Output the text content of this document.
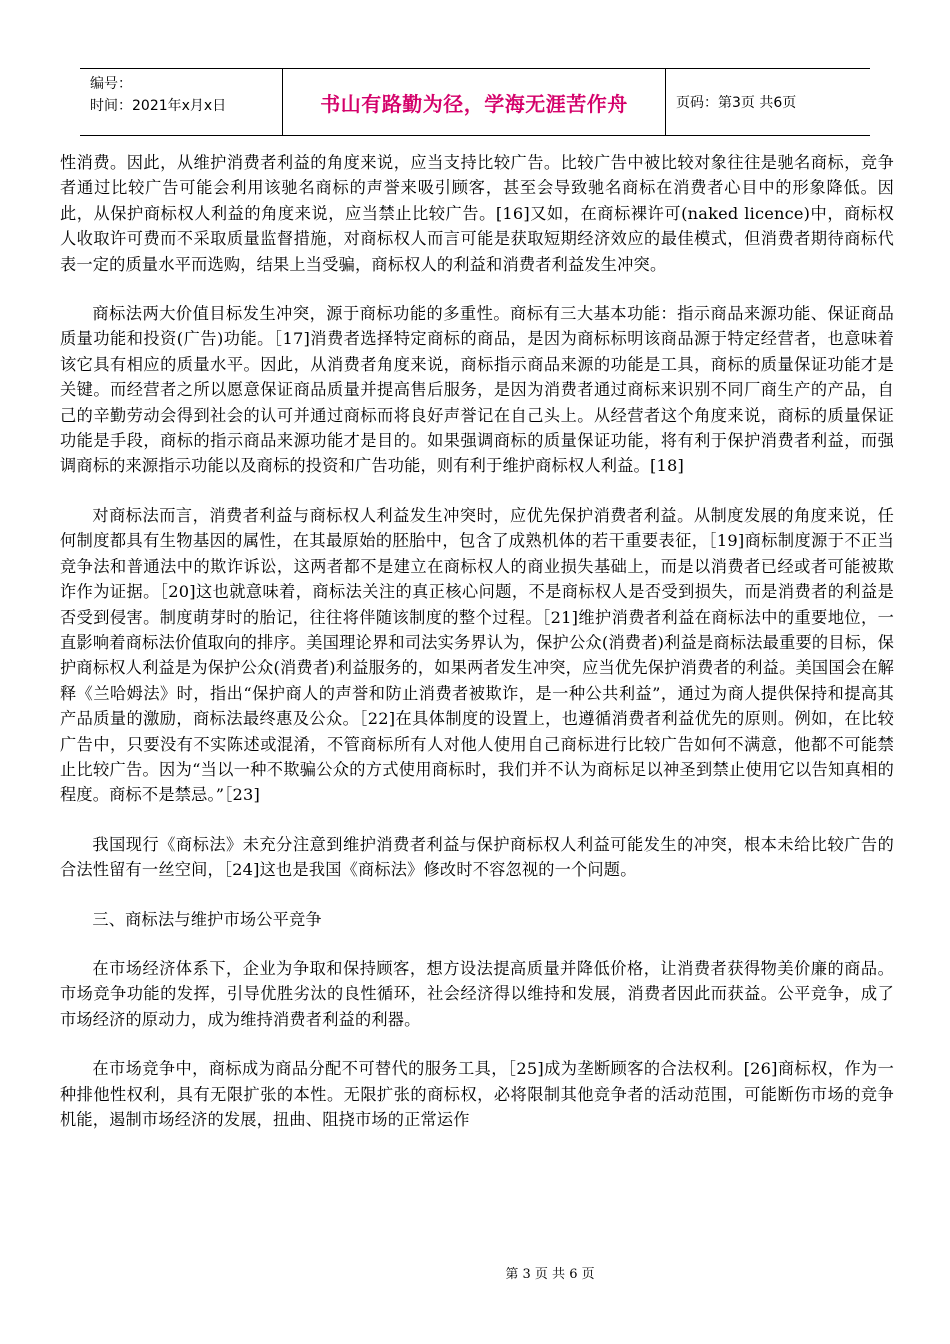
编号：
时间：2021年x月x日	书山有路勤为径，学海无涯苦作舟	页码：第3页 共6页

性消费。因此，从维护消费者利益的角度来说，应当支持比较广告。比较广告中被比较对象往往是驰名商标，竞争者通过比较广告可能会利用该驰名商标的声誉来吸引顾客，甚至会导致驰名商标在消费者心目中的形象降低。因此，从保护商标权人利益的角度来说，应当禁止比较广告。[16]又如，在商标裸许可(naked licence)中，商标权人收取许可费而不采取质量监督措施，对商标权人而言可能是获取短期经济效应的最佳模式，但消费者期待商标代表一定的质量水平而选购，结果上当受骗，商标权人的利益和消费者利益发生冲突。

商标法两大价值目标发生冲突，源于商标功能的多重性。商标有三大基本功能：指示商品来源功能、保证商品质量功能和投资(广告)功能。［17]消费者选择特定商标的商品，是因为商标标明该商品源于特定经营者，也意味着该它具有相应的质量水平。因此，从消费者角度来说，商标指示商品来源的功能是工具，商标的质量保证功能才是关键。而经营者之所以愿意保证商品质量并提高售后服务，是因为消费者通过商标来识别不同厂商生产的产品，自己的辛勤劳动会得到社会的认可并通过商标而将良好声誉记在自己头上。从经营者这个角度来说，商标的质量保证功能是手段，商标的指示商品来源功能才是目的。如果强调商标的质量保证功能，将有利于保护消费者利益，而强调商标的来源指示功能以及商标的投资和广告功能，则有利于维护商标权人利益。[18]

对商标法而言，消费者利益与商标权人利益发生冲突时，应优先保护消费者利益。从制度发展的角度来说，任何制度都具有生物基因的属性，在其最原始的胚胎中，包含了成熟机体的若干重要表征，［19]商标制度源于不正当竞争法和普通法中的欺诈诉讼，这两者都不是建立在商标权人的商业损失基础上，而是以消费者已经或者可能被欺诈作为证据。［20]这也就意味着，商标法关注的真正核心问题，不是商标权人是否受到损失，而是消费者的利益是否受到侵害。制度萌芽时的胎记，往往将伴随该制度的整个过程。［21]维护消费者利益在商标法中的重要地位，一直影响着商标法价值取向的排序。美国理论界和司法实务界认为，保护公众(消费者)利益是商标法最重要的目标，保护商标权人利益是为保护公众(消费者)利益服务的，如果两者发生冲突，应当优先保护消费者的利益。美国国会在解释《兰哈姆法》时，指出“保护商人的声誉和防止消费者被欺诈，是一种公共利益”，通过为商人提供保持和提高其产品质量的激励，商标法最终惠及公众。［22]在具体制度的设置上，也遵循消费者利益优先的原则。例如，在比较广告中，只要没有不实陈述或混淆，不管商标所有人对他人使用自己商标进行比较广告如何不满意，他都不可能禁止比较广告。因为“当以一种不欺骗公众的方式使用商标时，我们并不认为商标足以神圣到禁止使用它以告知真相的程度。商标不是禁忌。”［23]

我国现行《商标法》未充分注意到维护消费者利益与保护商标权人利益可能发生的冲突，根本未给比较广告的合法性留有一丝空间，［24]这也是我国《商标法》修改时不容忽视的一个问题。

三、商标法与维护市场公平竞争

在市场经济体系下，企业为争取和保持顾客，想方设法提高质量并降低价格，让消费者获得物美价廉的商品。市场竞争功能的发挥，引导优胜劣汰的良性循环，社会经济得以维持和发展，消费者因此而获益。公平竞争，成了市场经济的原动力，成为维持消费者利益的利器。

在市场竞争中，商标成为商品分配不可替代的服务工具，［25]成为垄断顾客的合法权利。[26]商标权，作为一种排他性权利，具有无限扩张的本性。无限扩张的商标权，必将限制其他竞争者的活动范围，可能断伤市场的竞争机能，遏制市场经济的发展，扭曲、阻挠市场的正常运作

第 3 页 共 6 页
